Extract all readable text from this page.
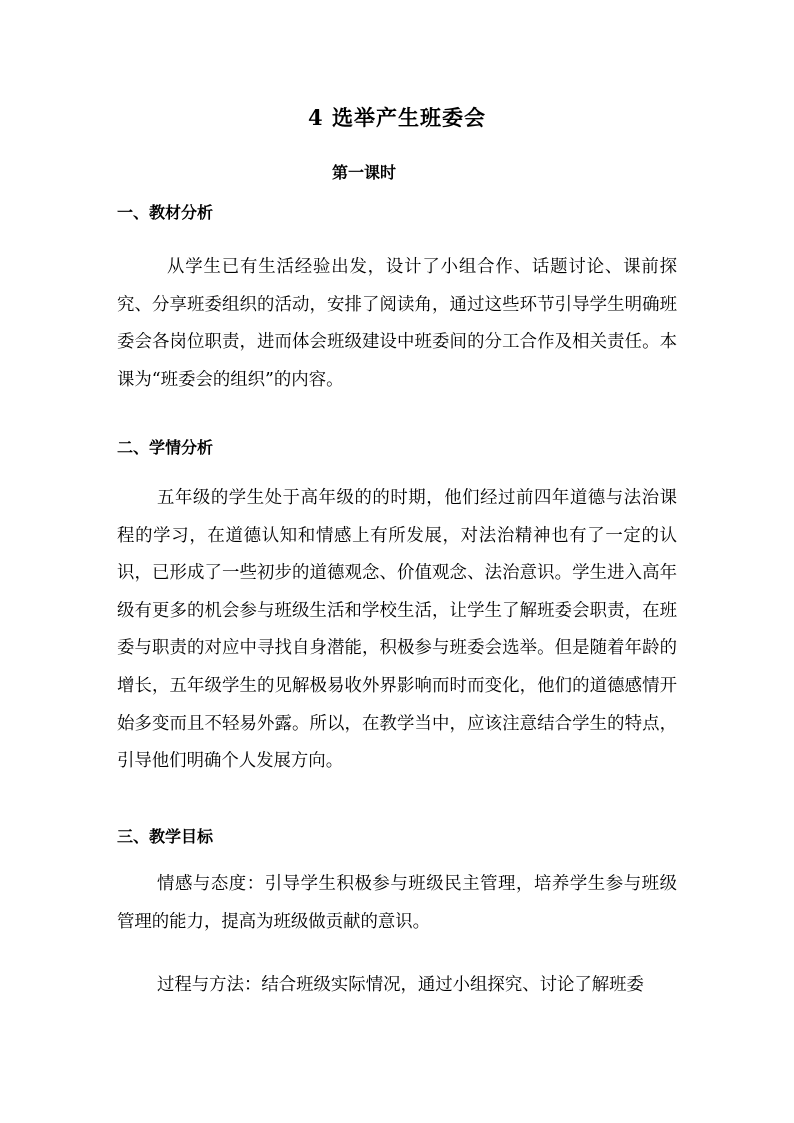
4 选举产生班委会
第一课时
一、教材分析

从学生已有生活经验出发，设计了小组合作、话题讨论、课前探究、分享班委组织的活动，安排了阅读角，通过这些环节引导学生明确班委会各岗位职责，进而体会班级建设中班委间的分工合作及相关责任。本课为“班委会的组织”的内容。

二、学情分析

五年级的学生处于高年级的的时期，他们经过前四年道德与法治课程的学习，在道德认知和情感上有所发展，对法治精神也有了一定的认识，已形成了一些初步的道德观念、价值观念、法治意识。学生进入高年级有更多的机会参与班级生活和学校生活，让学生了解班委会职责，在班委与职责的对应中寻找自身潜能，积极参与班委会选举。但是随着年龄的增长，五年级学生的见解极易收外界影响而时而变化，他们的道德感情开始多变而且不轻易外露。所以，在教学当中，应该注意结合学生的特点，引导他们明确个人发展方向。

三、教学目标

情感与态度：引导学生积极参与班级民主管理，培养学生参与班级管理的能力，提高为班级做贡献的意识。

过程与方法：结合班级实际情况，通过小组探究、讨论了解班委
